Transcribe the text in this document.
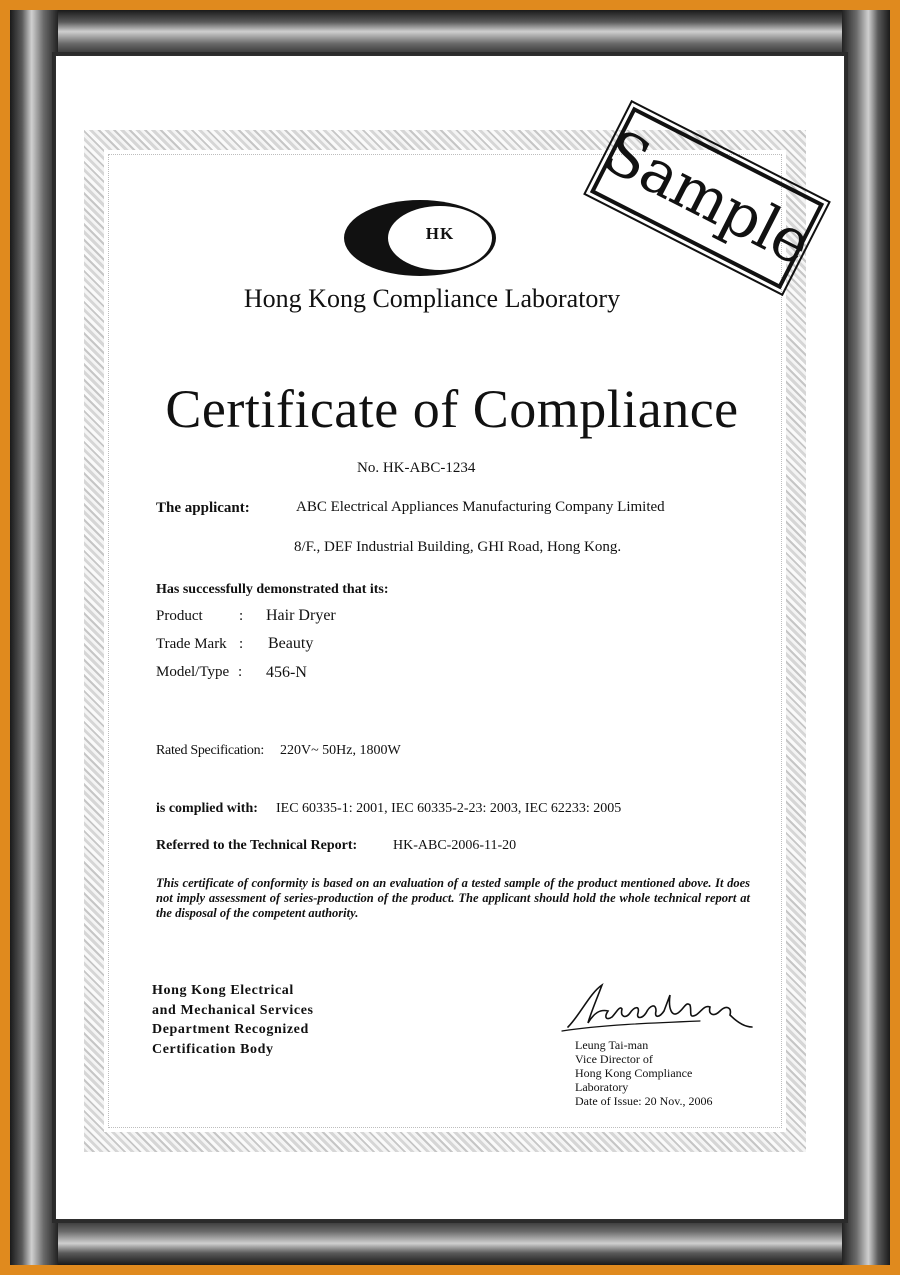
HK	Sample
Hong Kong Compliance Laboratory
Certificate of Compliance
No. HK-ABC-1234
The applicant:	ABC Electrical Appliances Manufacturing Company Limited
8/F., DEF Industrial Building, GHI Road, Hong Kong.
Has successfully demonstrated that its:
Product : Hair Dryer
Trade Mark : Beauty
Model/Type : 456-N
Rated Specification: 220V~ 50Hz, 1800W
is complied with: IEC 60335-1: 2001, IEC 60335-2-23: 2003, IEC 62233: 2005
Referred to the Technical Report:	HK-ABC-2006-11-20
This certificate of conformity is based on an evaluation of a tested sample of the product mentioned above. It does not imply assessment of series-production of the product. The applicant should hold the whole technical report at the disposal of the competent authority.
Hong Kong Electrical
and Mechanical Services
Department Recognized
Certification Body	Leung Tai-man
Vice Director of
Hong Kong Compliance
Laboratory
Date of Issue: 20 Nov., 2006
